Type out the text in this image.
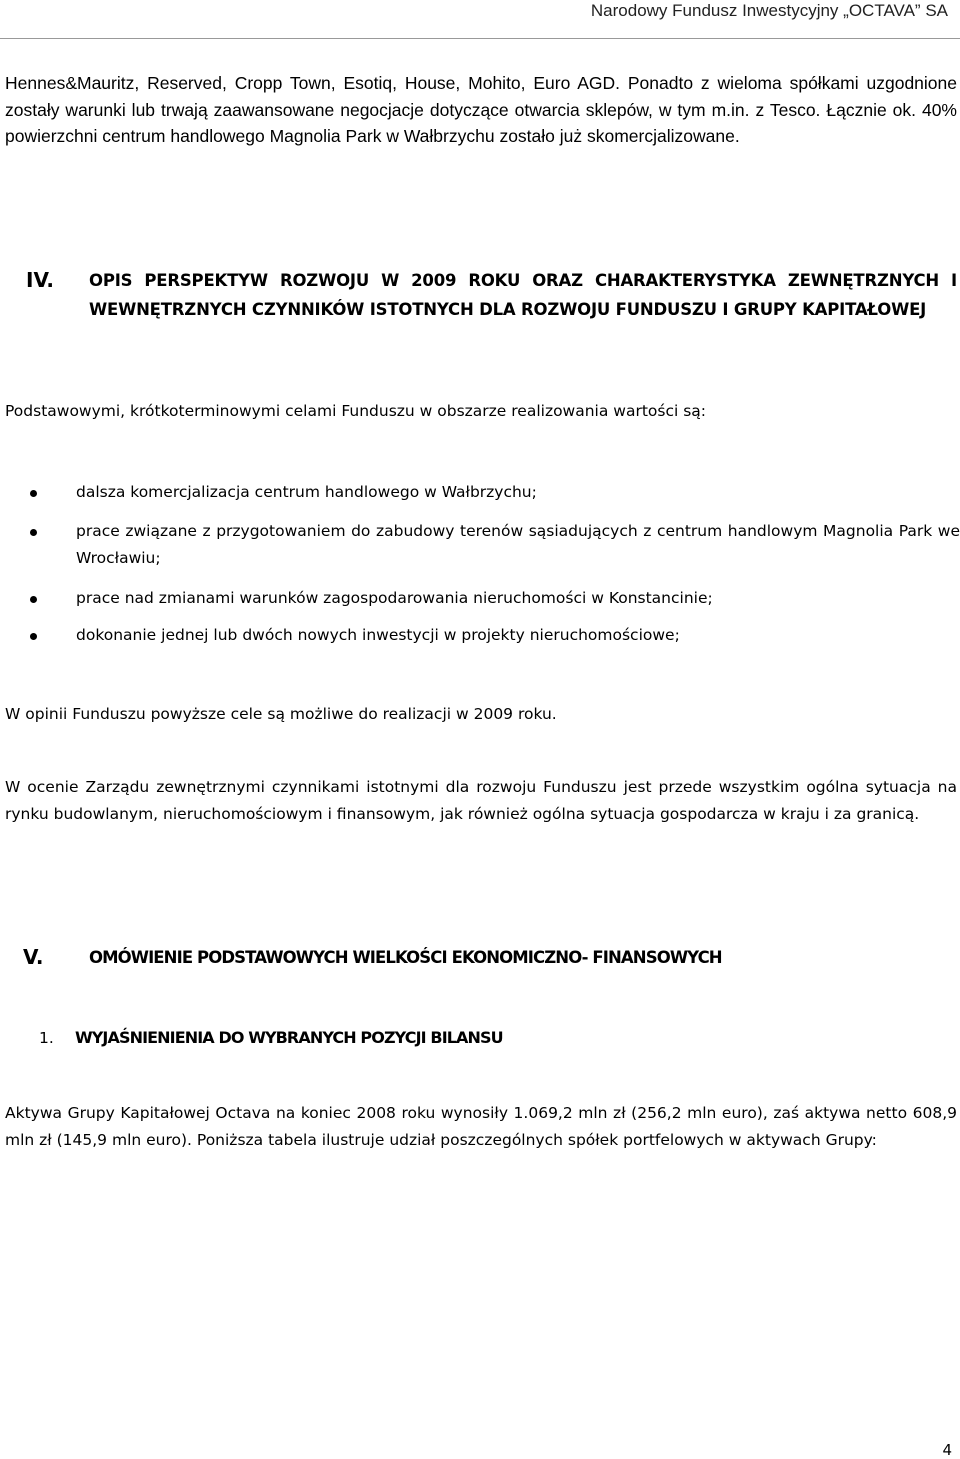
Narodowy Fundusz Inwestycyjny „OCTAVA” SA
Hennes&Mauritz, Reserved, Cropp Town, Esotiq, House, Mohito, Euro AGD. Ponadto z wieloma spółkami uzgodnione zostały warunki lub trwają zaawansowane negocjacje dotyczące otwarcia sklepów, w tym m.in. z Tesco. Łącznie ok. 40% powierzchni centrum handlowego Magnolia Park w Wałbrzychu zostało już skomercjalizowane.
IV. OPIS PERSPEKTYW ROZWOJU W 2009 ROKU ORAZ CHARAKTERYSTYKA ZEWNĘTRZNYCH I WEWNĘTRZNYCH CZYNNIKÓW ISTOTNYCH DLA ROZWOJU FUNDUSZU I GRUPY KAPITAŁOWEJ
Podstawowymi, krótkoterminowymi celami Funduszu w obszarze realizowania wartości są:
dalsza komercjalizacja centrum handlowego w Wałbrzychu;
prace związane z przygotowaniem do zabudowy terenów sąsiadujących z centrum handlowym Magnolia Park we Wrocławiu;
prace nad zmianami warunków zagospodarowania nieruchomości w Konstancinie;
dokonanie jednej lub dwóch nowych inwestycji w projekty nieruchomościowe;
W opinii Funduszu powyższe cele są możliwe do realizacji w 2009 roku.
W ocenie Zarządu zewnętrznymi czynnikami istotnymi dla rozwoju Funduszu jest przede wszystkim ogólna sytuacja na rynku budowlanym, nieruchomościowym i finansowym, jak również ogólna sytuacja gospodarcza w kraju i za granicą.
V.	OMÓWIENIE PODSTAWOWYCH WIELKOŚCI EKONOMICZNO- FINANSOWYCH
1. WYJAŚNIENIENIA DO WYBRANYCH POZYCJI BILANSU
Aktywa Grupy Kapitałowej Octava na koniec 2008 roku wynosiły 1.069,2 mln zł (256,2 mln euro), zaś aktywa netto 608,9 mln zł (145,9 mln euro). Poniższa tabela ilustruje udział poszczególnych spółek portfelowych w aktywach Grupy:
4
